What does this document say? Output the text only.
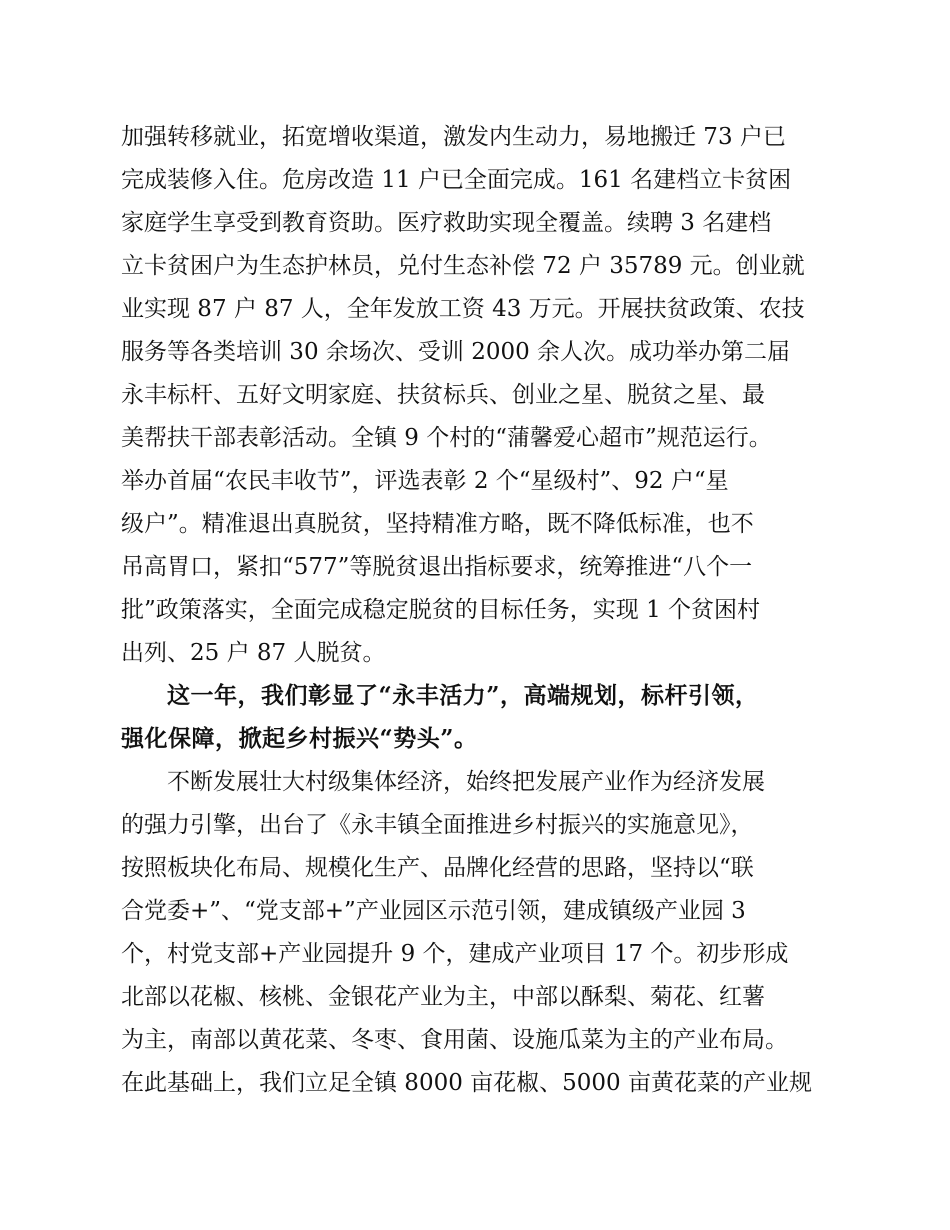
加强转移就业，拓宽增收渠道，激发内生动力，易地搬迁 73 户已
完成装修入住。危房改造 11 户已全面完成。161 名建档立卡贫困
家庭学生享受到教育资助。医疗救助实现全覆盖。续聘 3 名建档
立卡贫困户为生态护林员，兑付生态补偿 72 户 35789 元。创业就
业实现 87 户 87 人，全年发放工资 43 万元。开展扶贫政策、农技
服务等各类培训 30 余场次、受训 2000 余人次。成功举办第二届
永丰标杆、五好文明家庭、扶贫标兵、创业之星、脱贫之星、最
美帮扶干部表彰活动。全镇 9 个村的“蒲馨爱心超市”规范运行。
举办首届“农民丰收节”，评选表彰 2 个“星级村”、92 户“星
级户”。精准退出真脱贫，坚持精准方略，既不降低标准，也不
吊高胃口，紧扣“577”等脱贫退出指标要求，统筹推进“八个一
批”政策落实，全面完成稳定脱贫的目标任务，实现 1 个贫困村
出列、25 户 87 人脱贫。
这一年，我们彰显了“永丰活力”，高端规划，标杆引领，
强化保障，掀起乡村振兴“势头”。
不断发展壮大村级集体经济，始终把发展产业作为经济发展
的强力引擎，出台了《永丰镇全面推进乡村振兴的实施意见》，
按照板块化布局、规模化生产、品牌化经营的思路，坚持以“联
合党委+”、“党支部+”产业园区示范引领，建成镇级产业园 3
个，村党支部+产业园提升 9 个，建成产业项目 17 个。初步形成
北部以花椒、核桃、金银花产业为主，中部以酥梨、菊花、红薯
为主，南部以黄花菜、冬枣、食用菌、设施瓜菜为主的产业布局。
在此基础上，我们立足全镇 8000 亩花椒、5000 亩黄花菜的产业规
